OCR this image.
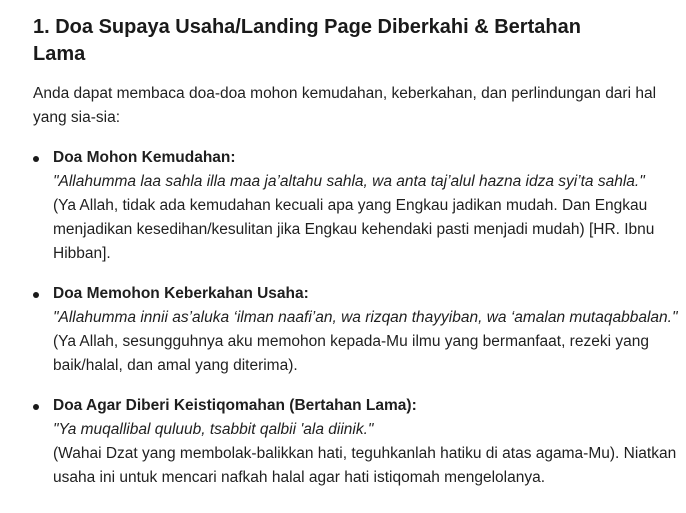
1. Doa Supaya Usaha/Landing Page Diberkahi & Bertahan Lama

Anda dapat membaca doa-doa mohon kemudahan, keberkahan, dan perlindungan dari hal yang sia-sia:

Doa Mohon Kemudahan:
"Allahumma laa sahla illa maa ja’altahu sahla, wa anta taj’alul hazna idza syi’ta sahla."
(Ya Allah, tidak ada kemudahan kecuali apa yang Engkau jadikan mudah. Dan Engkau menjadikan kesedihan/kesulitan jika Engkau kehendaki pasti menjadi mudah) [HR. Ibnu Hibban].
Doa Memohon Keberkahan Usaha:
"Allahumma innii as’aluka ‘ilman naafi’an, wa rizqan thayyiban, wa ‘amalan mutaqabbalan."
(Ya Allah, sesungguhnya aku memohon kepada-Mu ilmu yang bermanfaat, rezeki yang baik/halal, dan amal yang diterima).
Doa Agar Diberi Keistiqomahan (Bertahan Lama):
"Ya muqallibal quluub, tsabbit qalbii 'ala diinik."
(Wahai Dzat yang membolak-balikkan hati, teguhkanlah hatiku di atas agama-Mu). Niatkan usaha ini untuk mencari nafkah halal agar hati istiqomah mengelolanya.
